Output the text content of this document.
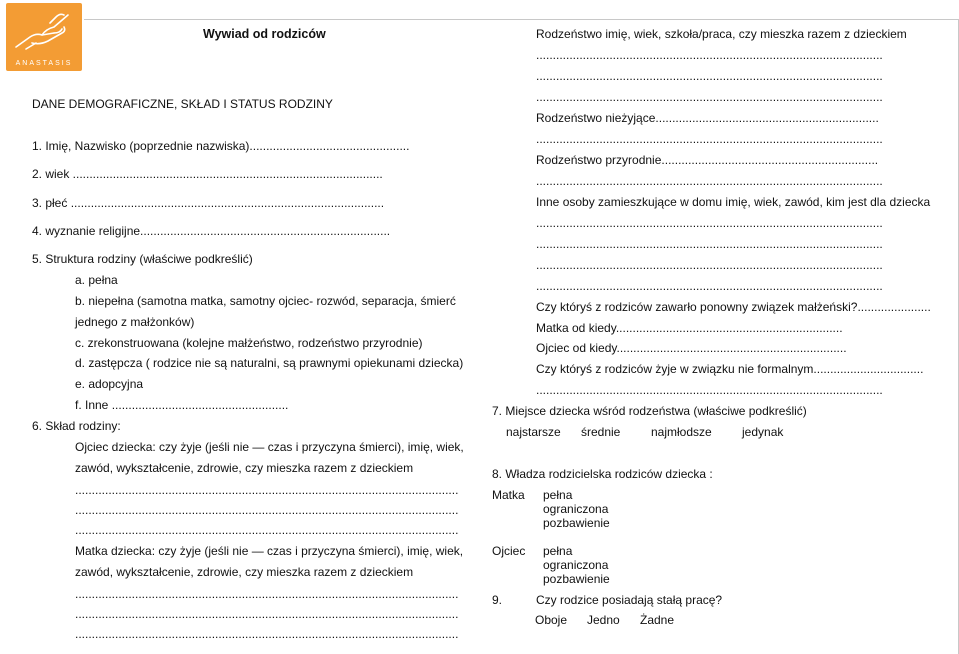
ANASTASIS
Wywiad od rodziców
DANE DEMOGRAFICZNE, SKŁAD I STATUS RODZINY
1. Imię, Nazwisko (poprzednie nazwiska)................................................
2. wiek .............................................................................................
3. płeć ..............................................................................................
4. wyznanie religijne...........................................................................
5. Struktura rodziny (właściwe podkreślić)
a. pełna
b. niepełna (samotna matka, samotny ojciec- rozwód, separacja, śmierć
jednego z małżonków)
c. zrekonstruowana (kolejne małżeństwo, rodzeństwo przyrodnie)
d. zastępcza ( rodzice nie są naturalni, są prawnymi opiekunami dziecka)
e. adopcyjna
f. Inne .....................................................
6. Skład rodziny:
Ojciec dziecka: czy żyje (jeśli nie — czas i przyczyna śmierci), imię, wiek,
zawód, wykształcenie, zdrowie, czy mieszka razem z dzieckiem
...................................................................................................................
...................................................................................................................
...................................................................................................................
Matka dziecka: czy żyje (jeśli nie — czas i przyczyna śmierci), imię, wiek,
zawód, wykształcenie, zdrowie, czy mieszka razem z dzieckiem
...................................................................................................................
...................................................................................................................
...................................................................................................................
Rodzeństwo imię, wiek, szkoła/praca, czy mieszka razem z dzieckiem
........................................................................................................
........................................................................................................
........................................................................................................
Rodzeństwo nieżyjące...................................................................
........................................................................................................
Rodzeństwo przyrodnie.................................................................
........................................................................................................
Inne osoby zamieszkujące w domu imię, wiek, zawód, kim jest dla dziecka
........................................................................................................
........................................................................................................
........................................................................................................
........................................................................................................
Czy któryś z rodziców zawarło ponowny związek małżeński?......................
Matka od kiedy....................................................................
Ojciec od kiedy.....................................................................
Czy któryś z rodziców żyje w związku nie formalnym.................................
........................................................................................................
7. Miejsce dziecka wśród rodzeństwa (właściwe podkreślić)
najstarsze średnie	najmłodsze	jedynak
8. Władza rodzicielska rodziców dziecka :
Matka pełna
ograniczona
pozbawienie
Ojciec pełna
ograniczona
pozbawienie
9.	Czy rodzice posiadają stałą pracę?
Oboje Jedno Żadne
